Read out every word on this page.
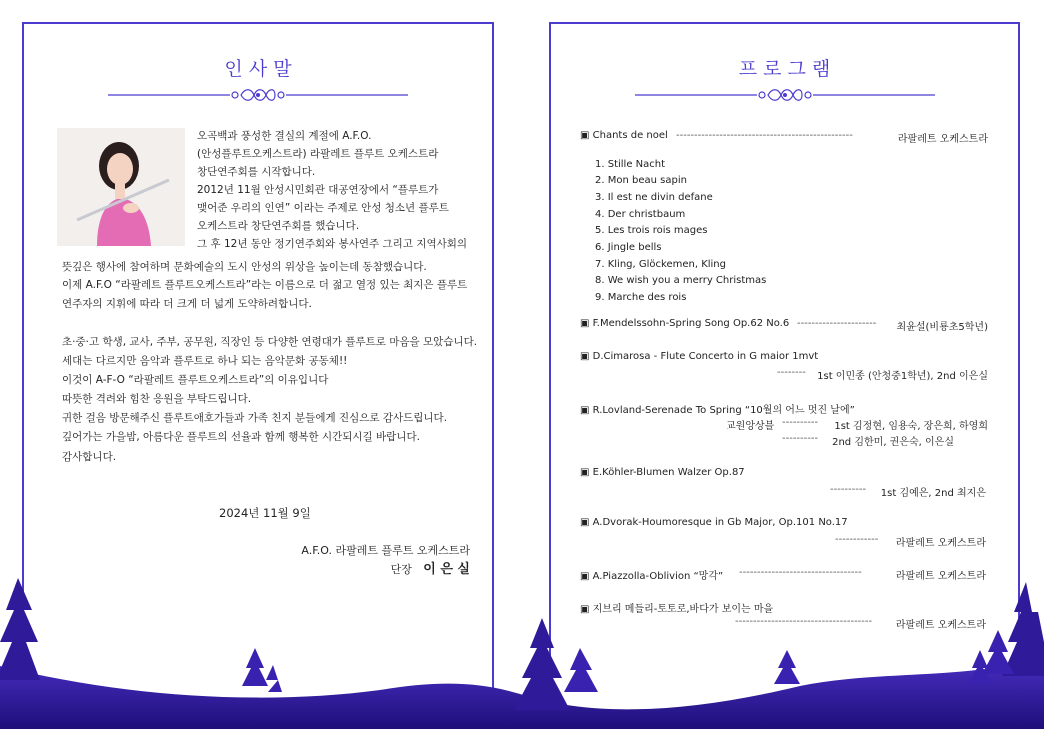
인 사 말
오곡백과 풍성한 결실의 계절에 A.F.O.
(안성플루트오케스트라) 라팔레트 플루트 오케스트라
창단연주회를 시작합니다.
2012년 11월 안성시민회관 대공연장에서 “플루트가
맺어준 우리의 인연” 이라는 주제로 안성 청소년 플루트
오케스트라 창단연주회를 했습니다.
그 후 12년 동안 정기연주회와 봉사연주 그리고 지역사회의
뜻깊은 행사에 참여하며 문화예술의 도시 안성의 위상을 높이는데 동참했습니다.
이제 A.F.O “라팔레트 플루트오케스트라”라는 이름으로 더 젊고 열정 있는 최지은 플루트
연주자의 지휘에 따라 더 크게 더 넓게 도약하려합니다.
초·중·고 학생, 교사, 주부, 공무원, 직장인 등 다양한 연령대가 플루트로 마음을 모았습니다.
세대는 다르지만 음악과 플루트로 하나 되는 음악문화 공동체!!
이것이 A-F-O “라팔레트 플루트오케스트라”의 이유입니다
따뜻한 격려와 힘찬 응원을 부탁드립니다.
귀한 걸음 방문해주신 플루트애호가들과 가족 친지 분들에게 진심으로 감사드립니다.
깊어가는 가을밤, 아름다운 플루트의 선율과 함께 행복한 시간되시길 바랍니다.
감사합니다.
2024년 11월 9일
A.F.O. 라팔레트 플루트 오케스트라
단장 이 은 실
프 로 그 램
▣ Chants de noel -------------------------------------------------	라팔레트 오케스트라
1. Stille Nacht
2. Mon beau sapin
3. Il est ne divin defane
4. Der christbaum
5. Les trois rois mages
6. Jingle bells
7. Kling, Glöckemen, Kling
8. We wish you a merry Christmas
9. Marche des rois
▣ F.Mendelssohn-Spring Song Op.62 No.6 ---------------------- 최윤설(비룡초5학년)
▣ D.Cimarosa - Flute Concerto in G maior 1mvt
-------- 1st 이민종 (안청중1학년), 2nd 이은실
▣ R.Lovland-Serenade To Spring “10월의 어느 멋진 날에”
교원앙상블 ---------- 1st 김정현, 임용숙, 장은희, 하영희
---------- 2nd 김한미, 권은숙, 이은실
▣ E.Köhler-Blumen Walzer Op.87
---------- 1st 김예은, 2nd 최지은
▣ A.Dvorak-Houmoresque in Gb Major, Op.101 No.17
------------ 라팔레트 오케스트라
▣ A.Piazzolla-Oblivion “망각” ----------------------------------	라팔레트 오케스트라
▣ 지브리 메들리-토토로,바다가 보이는 마을
-------------------------------------- 라팔레트 오케스트라
